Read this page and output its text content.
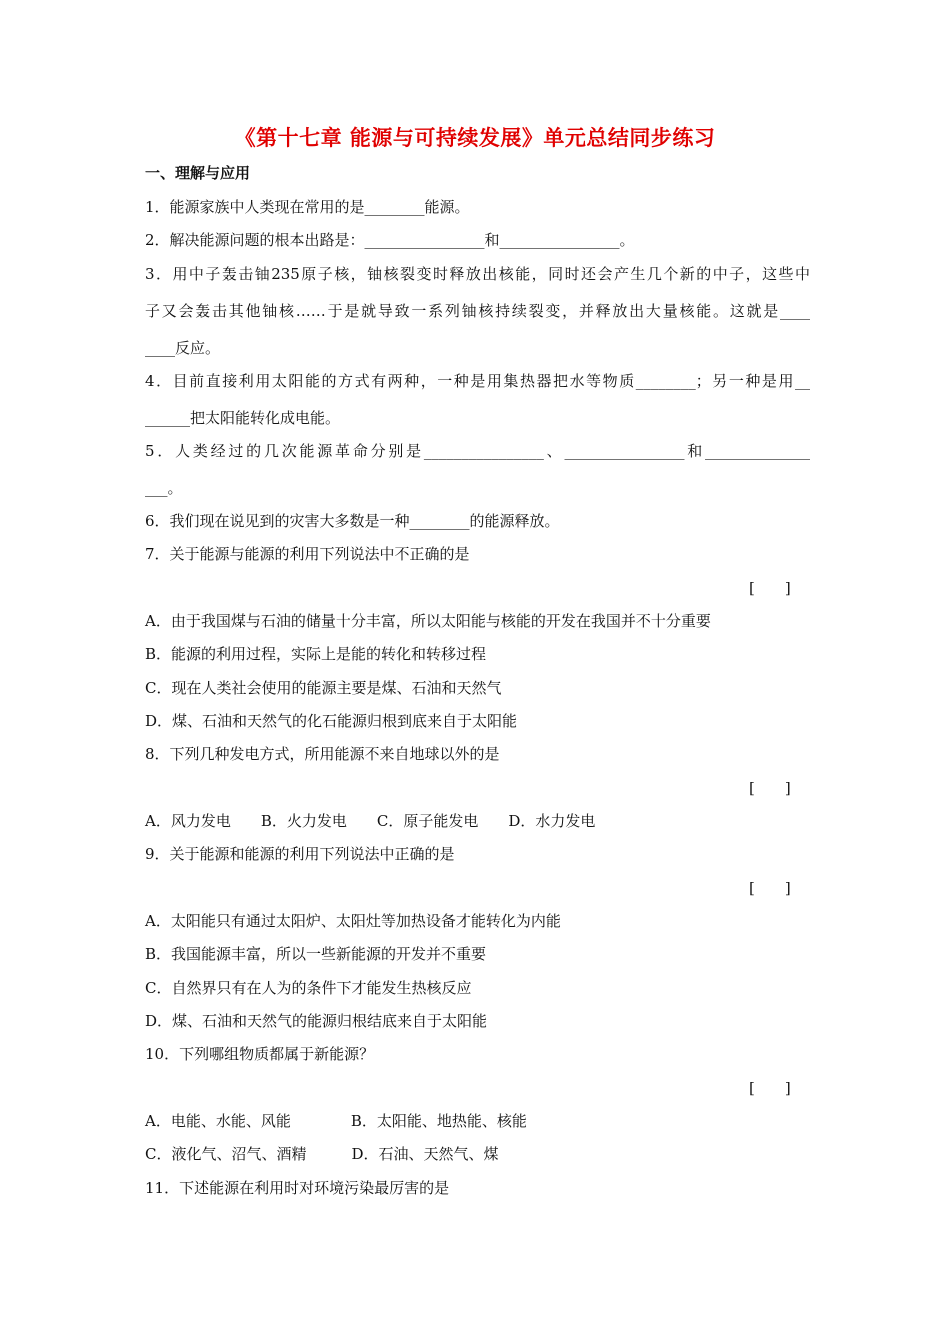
《第十七章 能源与可持续发展》单元总结同步练习
一、理解与应用
1．能源家族中人类现在常用的是________能源。
2．解决能源问题的根本出路是：________________和________________。
3．用中子轰击铀235原子核，铀核裂变时释放出核能，同时还会产生几个新的中子，这些中
子又会轰击其他铀核……于是就导致一系列铀核持续裂变，并释放出大量核能。这就是____
____反应。
4．目前直接利用太阳能的方式有两种，一种是用集热器把水等物质________；另一种是用__
______把太阳能转化成电能。
5．人类经过的几次能源革命分别是________________、________________和______________
___。
6．我们现在说见到的灾害大多数是一种________的能源释放。
7．关于能源与能源的利用下列说法中不正确的是
[　　]
A．由于我国煤与石油的储量十分丰富，所以太阳能与核能的开发在我国并不十分重要
B．能源的利用过程，实际上是能的转化和转移过程
C．现在人类社会使用的能源主要是煤、石油和天然气
D．煤、石油和天然气的化石能源归根到底来自于太阳能
8．下列几种发电方式，所用能源不来自地球以外的是
[　　]
A．风力发电　　B．火力发电　　C．原子能发电　　D．水力发电
9．关于能源和能源的利用下列说法中正确的是
[　　]
A．太阳能只有通过太阳炉、太阳灶等加热设备才能转化为内能
B．我国能源丰富，所以一些新能源的开发并不重要
C．自然界只有在人为的条件下才能发生热核反应
D．煤、石油和天然气的能源归根结底来自于太阳能
10．下列哪组物质都属于新能源？
[　　]
A．电能、水能、风能　　　　B．太阳能、地热能、核能
C．液化气、沼气、酒精　　　D．石油、天然气、煤
11．下述能源在利用时对环境污染最厉害的是
